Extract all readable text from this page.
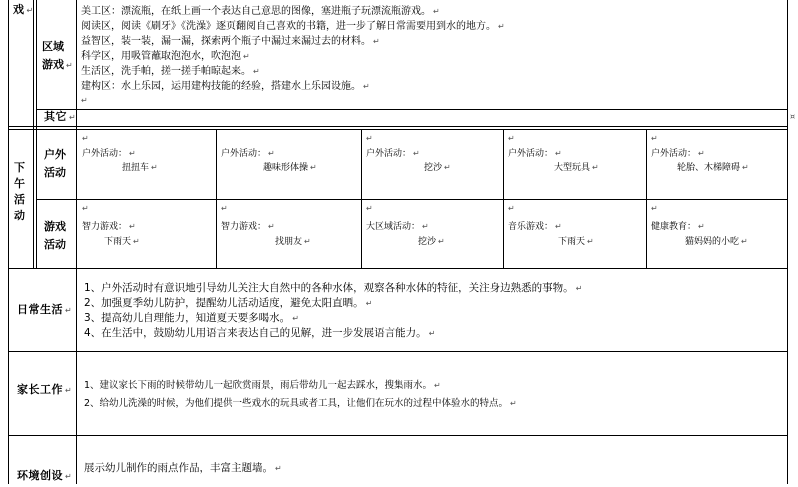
戏 ↵
区域
游戏 ↵
美工区：漂流瓶，在纸上画一个表达自己意思的图像，塞进瓶子玩漂流瓶游戏。 ↵
阅读区，阅读《刷牙》《洗澡》逐页翻阅自己喜欢的书籍，进一步了解日常需要用到水的地方。 ↵
益智区，装一装，漏一漏，探索两个瓶子中漏过来漏过去的材料。 ↵
科学区，用吸管蘸取泡泡水，吹泡泡 ↵
生活区，洗手帕，搓一搓手帕晾起来。 ↵
建构区：水上乐园，运用建构技能的经验，搭建水上乐园设施。 ↵
↵
其它 ↵	¤
下
午
活
动
户外
活动
↵
户外活动： ↵
扭扭车 ↵
户外活动： ↵
趣味形体操 ↵
↵
户外活动： ↵
挖沙 ↵
↵
户外活动： ↵
大型玩具 ↵
↵
户外活动： ↵
轮胎、木梯障碍 ↵
游戏
活动
↵
智力游戏： ↵
下雨天 ↵
↵
智力游戏： ↵
找朋友 ↵
↵
大区域活动： ↵
挖沙 ↵
↵
音乐游戏： ↵
下雨天 ↵
↵
健康教育： ↵
猫妈妈的小吃 ↵
日常生活 ↵
1、户外活动时有意识地引导幼儿关注大自然中的各种水体，观察各种水体的特征，关注身边熟悉的事物。 ↵
2、加强夏季幼儿防护，提醒幼儿活动适度，避免太阳直晒。 ↵
3、提高幼儿自理能力，知道夏天要多喝水。 ↵
4、在生活中，鼓励幼儿用语言来表达自己的见解，进一步发展语言能力。 ↵
家长工作 ↵ 1、建议家长下雨的时候带幼儿一起欣赏雨景，雨后带幼儿一起去踩水，搜集雨水。 ↵
2、给幼儿洗澡的时候，为他们提供一些戏水的玩具或者工具，让他们在玩水的过程中体验水的特点。 ↵
环境创设 ↵
展示幼儿制作的雨点作品，丰富主题墙。 ↵
